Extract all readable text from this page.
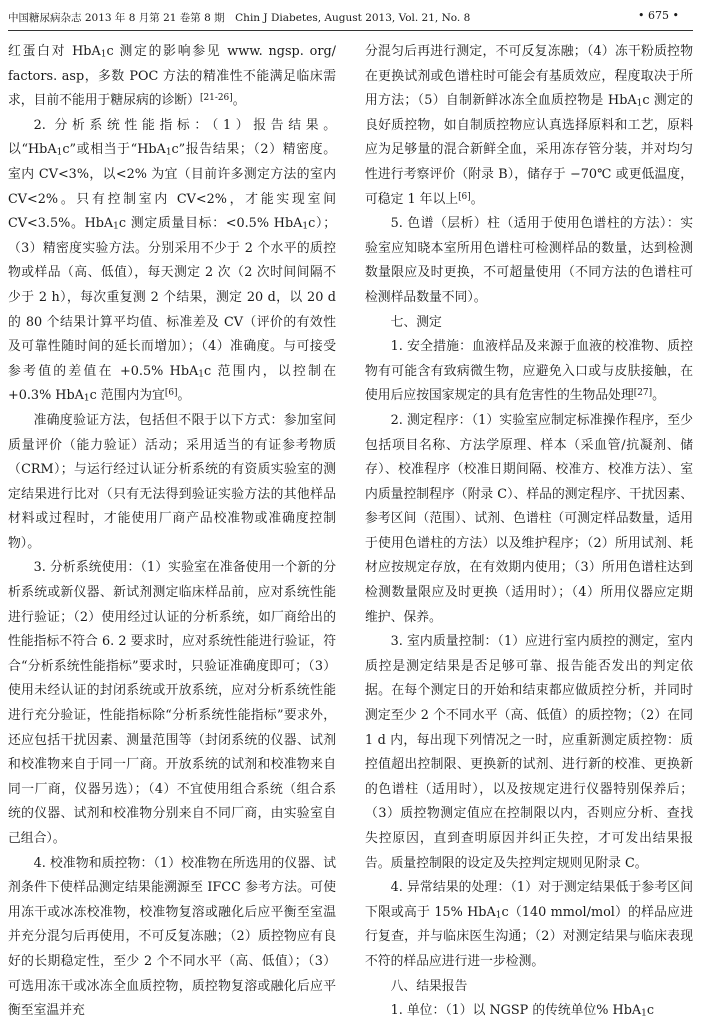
中国糖尿病杂志 2013 年 8 月第 21 卷第 8 期　Chin J Diabetes, August 2013, Vol. 21, No. 8	• 675 •

红蛋白对 HbA$_1$c 测定的影响参见 www. ngsp. org/ factors. asp，多数 POC 方法的精准性不能满足临床需求，目前不能用于糖尿病的诊断）[21-26]。

2. 分析系统性能指标：（1）报告结果。以“HbA$_1$c”或相当于“HbA$_1$c”报告结果；（2）精密度。室内 CV<3%，以<2% 为宜（目前许多测定方法的室内 CV<2%。只有控制室内 CV<2%，才能实现室间 CV<3.5%。HbA$_1$c 测定质量目标：<0.5% HbA$_1$c）；（3）精密度实验方法。分别采用不少于 2 个水平的质控物或样品（高、低值），每天测定 2 次（2 次时间间隔不少于 2 h），每次重复测 2 个结果，测定 20 d，以 20 d 的 80 个结果计算平均值、标准差及 CV（评价的有效性及可靠性随时间的延长而增加）；（4）准确度。与可接受参考值的差值在 +0.5% HbA$_1$c 范围内，以控制在 +0.3% HbA$_1$c 范围内为宜[6]。

准确度验证方法，包括但不限于以下方式：参加室间质量评价（能力验证）活动；采用适当的有证参考物质（CRM）；与运行经过认证分析系统的有资质实验室的测定结果进行比对（只有无法得到验证实验方法的其他样品材料或过程时，才能使用厂商产品校准物或准确度控制物）。

3. 分析系统使用：（1）实验室在准备使用一个新的分析系统或新仪器、新试剂测定临床样品前，应对系统性能进行验证；（2）使用经过认证的分析系统，如厂商给出的性能指标不符合 6. 2 要求时，应对系统性能进行验证，符合“分析系统性能指标”要求时，只验证准确度即可；（3）使用未经认证的封闭系统或开放系统，应对分析系统性能进行充分验证，性能指标除“分析系统性能指标”要求外，还应包括干扰因素、测量范围等（封闭系统的仪器、试剂和校准物来自于同一厂商。开放系统的试剂和校准物来自同一厂商，仪器另选）；（4）不宜使用组合系统（组合系统的仪器、试剂和校准物分别来自不同厂商，由实验室自己组合）。

4. 校准物和质控物：（1）校准物在所选用的仪器、试剂条件下使样品测定结果能溯源至 IFCC 参考方法。可使用冻干或冰冻校准物，校准物复溶或融化后应平衡至室温并充分混匀后再使用，不可反复冻融；（2）质控物应有良好的长期稳定性，至少 2 个不同水平（高、低值）；（3）可选用冻干或冰冻全血质控物，质控物复溶或融化后应平衡至室温并充

分混匀后再进行测定，不可反复冻融；（4）冻干粉质控物在更换试剂或色谱柱时可能会有基质效应，程度取决于所用方法；（5）自制新鲜冰冻全血质控物是 HbA$_1$c 测定的良好质控物，如自制质控物应认真选择原料和工艺，原料应为足够量的混合新鲜全血，采用冻存管分装，并对均匀性进行考察评价（附录 B），储存于 −70℃ 或更低温度，可稳定 1 年以上[6]。

5. 色谱（层析）柱（适用于使用色谱柱的方法）：实验室应知晓本室所用色谱柱可检测样品的数量，达到检测数量限应及时更换，不可超量使用（不同方法的色谱柱可检测样品数量不同）。

七、测定

1. 安全措施：血液样品及来源于血液的校准物、质控物有可能含有致病微生物，应避免入口或与皮肤接触，在使用后应按国家规定的具有危害性的生物品处理[27]。

2. 测定程序：（1）实验室应制定标准操作程序，至少包括项目名称、方法学原理、样本（采血管/抗凝剂、储存）、校准程序（校准日期间隔、校准方、校准方法）、室内质量控制程序（附录 C）、样品的测定程序、干扰因素、参考区间（范围）、试剂、色谱柱（可测定样品数量，适用于使用色谱柱的方法）以及维护程序；（2）所用试剂、耗材应按规定存放，在有效期内使用；（3）所用色谱柱达到检测数量限应及时更换（适用时）；（4）所用仪器应定期维护、保养。

3. 室内质量控制：（1）应进行室内质控的测定，室内质控是测定结果是否足够可靠、报告能否发出的判定依据。在每个测定日的开始和结束都应做质控分析，并同时测定至少 2 个不同水平（高、低值）的质控物；（2）在同 1 d 内，每出现下列情况之一时，应重新测定质控物：质控值超出控制限、更换新的试剂、进行新的校准、更换新的色谱柱（适用时），以及按规定进行仪器特别保养后；（3）质控物测定值应在控制限以内，否则应分析、查找失控原因，直到查明原因并纠正失控，才可发出结果报告。质量控制限的设定及失控判定规则见附录 C。

4. 异常结果的处理：（1）对于测定结果低于参考区间下限或高于 15% HbA$_1$c（140 mmol/mol）的样品应进行复查，并与临床医生沟通；（2）对测定结果与临床表现不符的样品应进行进一步检测。

八、结果报告

1. 单位：（1）以 NGSP 的传统单位% HbA$_1$c
